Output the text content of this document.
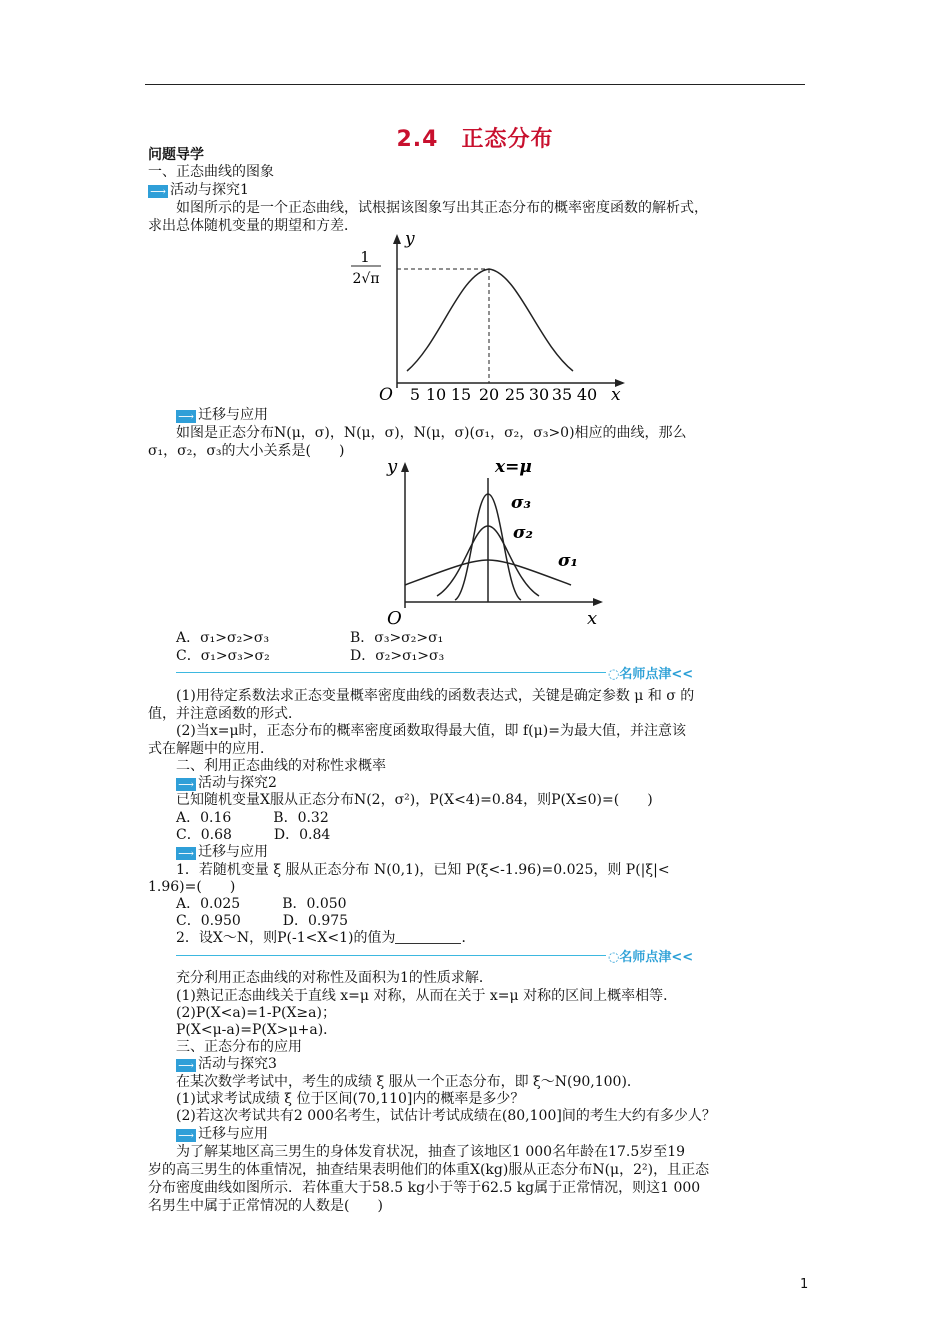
2.4　正态分布
问题导学
一、正态曲线的图象
⟶ 活动与探究1
如图所示的是一个正态曲线，试根据该图象写出其正态分布的概率密度函数的解析式，
求出总体随机变量的期望和方差．
y
x
O
1
2√π
5 10 15 20 25 30 35 40
⟶ 迁移与应用
如图是正态分布N(μ，σ)，N(μ，σ)，N(μ，σ)(σ₁，σ₂，σ₃>0)相应的曲线，那么
σ₁，σ₂，σ₃的大小关系是(　　)
y
x
O
x=μ
σ₃
σ₂
σ₁
A．σ₁>σ₂>σ₃	B．σ₃>σ₂>σ₁
C．σ₁>σ₃>σ₂	D．σ₂>σ₁>σ₃
◌名师点津<<
(1)用待定系数法求正态变量概率密度曲线的函数表达式，关键是确定参数 μ 和 σ 的
值，并注意函数的形式．
(2)当x=μ时，正态分布的概率密度函数取得最大值，即 f(μ)=为最大值，并注意该
式在解题中的应用．
二、利用正态曲线的对称性求概率
⟶ 活动与探究2
已知随机变量X服从正态分布N(2，σ²)，P(X<4)=0.84，则P(X≤0)=(　　)
A．0.16　　　B．0.32
C．0.68　　　D．0.84
⟶ 迁移与应用
1．若随机变量 ξ 服从正态分布 N(0,1)，已知 P(ξ<-1.96)=0.025，则 P(|ξ|<
1.96)=(　　)
A．0.025　　　B．0.050
C．0.950　　　D．0.975
2．设X～N，则P(-1<X<1)的值为	．
◌名师点津<<
充分利用正态曲线的对称性及面积为1的性质求解．
(1)熟记正态曲线关于直线 x=μ 对称，从而在关于 x=μ 对称的区间上概率相等．
(2)P(X<a)=1-P(X≥a)；
P(X<μ-a)=P(X>μ+a)．
三、正态分布的应用
⟶ 活动与探究3
在某次数学考试中，考生的成绩 ξ 服从一个正态分布，即 ξ～N(90,100)．
(1)试求考试成绩 ξ 位于区间(70,110]内的概率是多少？
(2)若这次考试共有2 000名考生，试估计考试成绩在(80,100]间的考生大约有多少人？
⟶ 迁移与应用
为了解某地区高三男生的身体发育状况，抽查了该地区1 000名年龄在17.5岁至19
岁的高三男生的体重情况，抽查结果表明他们的体重X(kg)服从正态分布N(μ，2²)，且正态
分布密度曲线如图所示．若体重大于58.5 kg小于等于62.5 kg属于正常情况，则这1 000
名男生中属于正常情况的人数是(　　)
1
